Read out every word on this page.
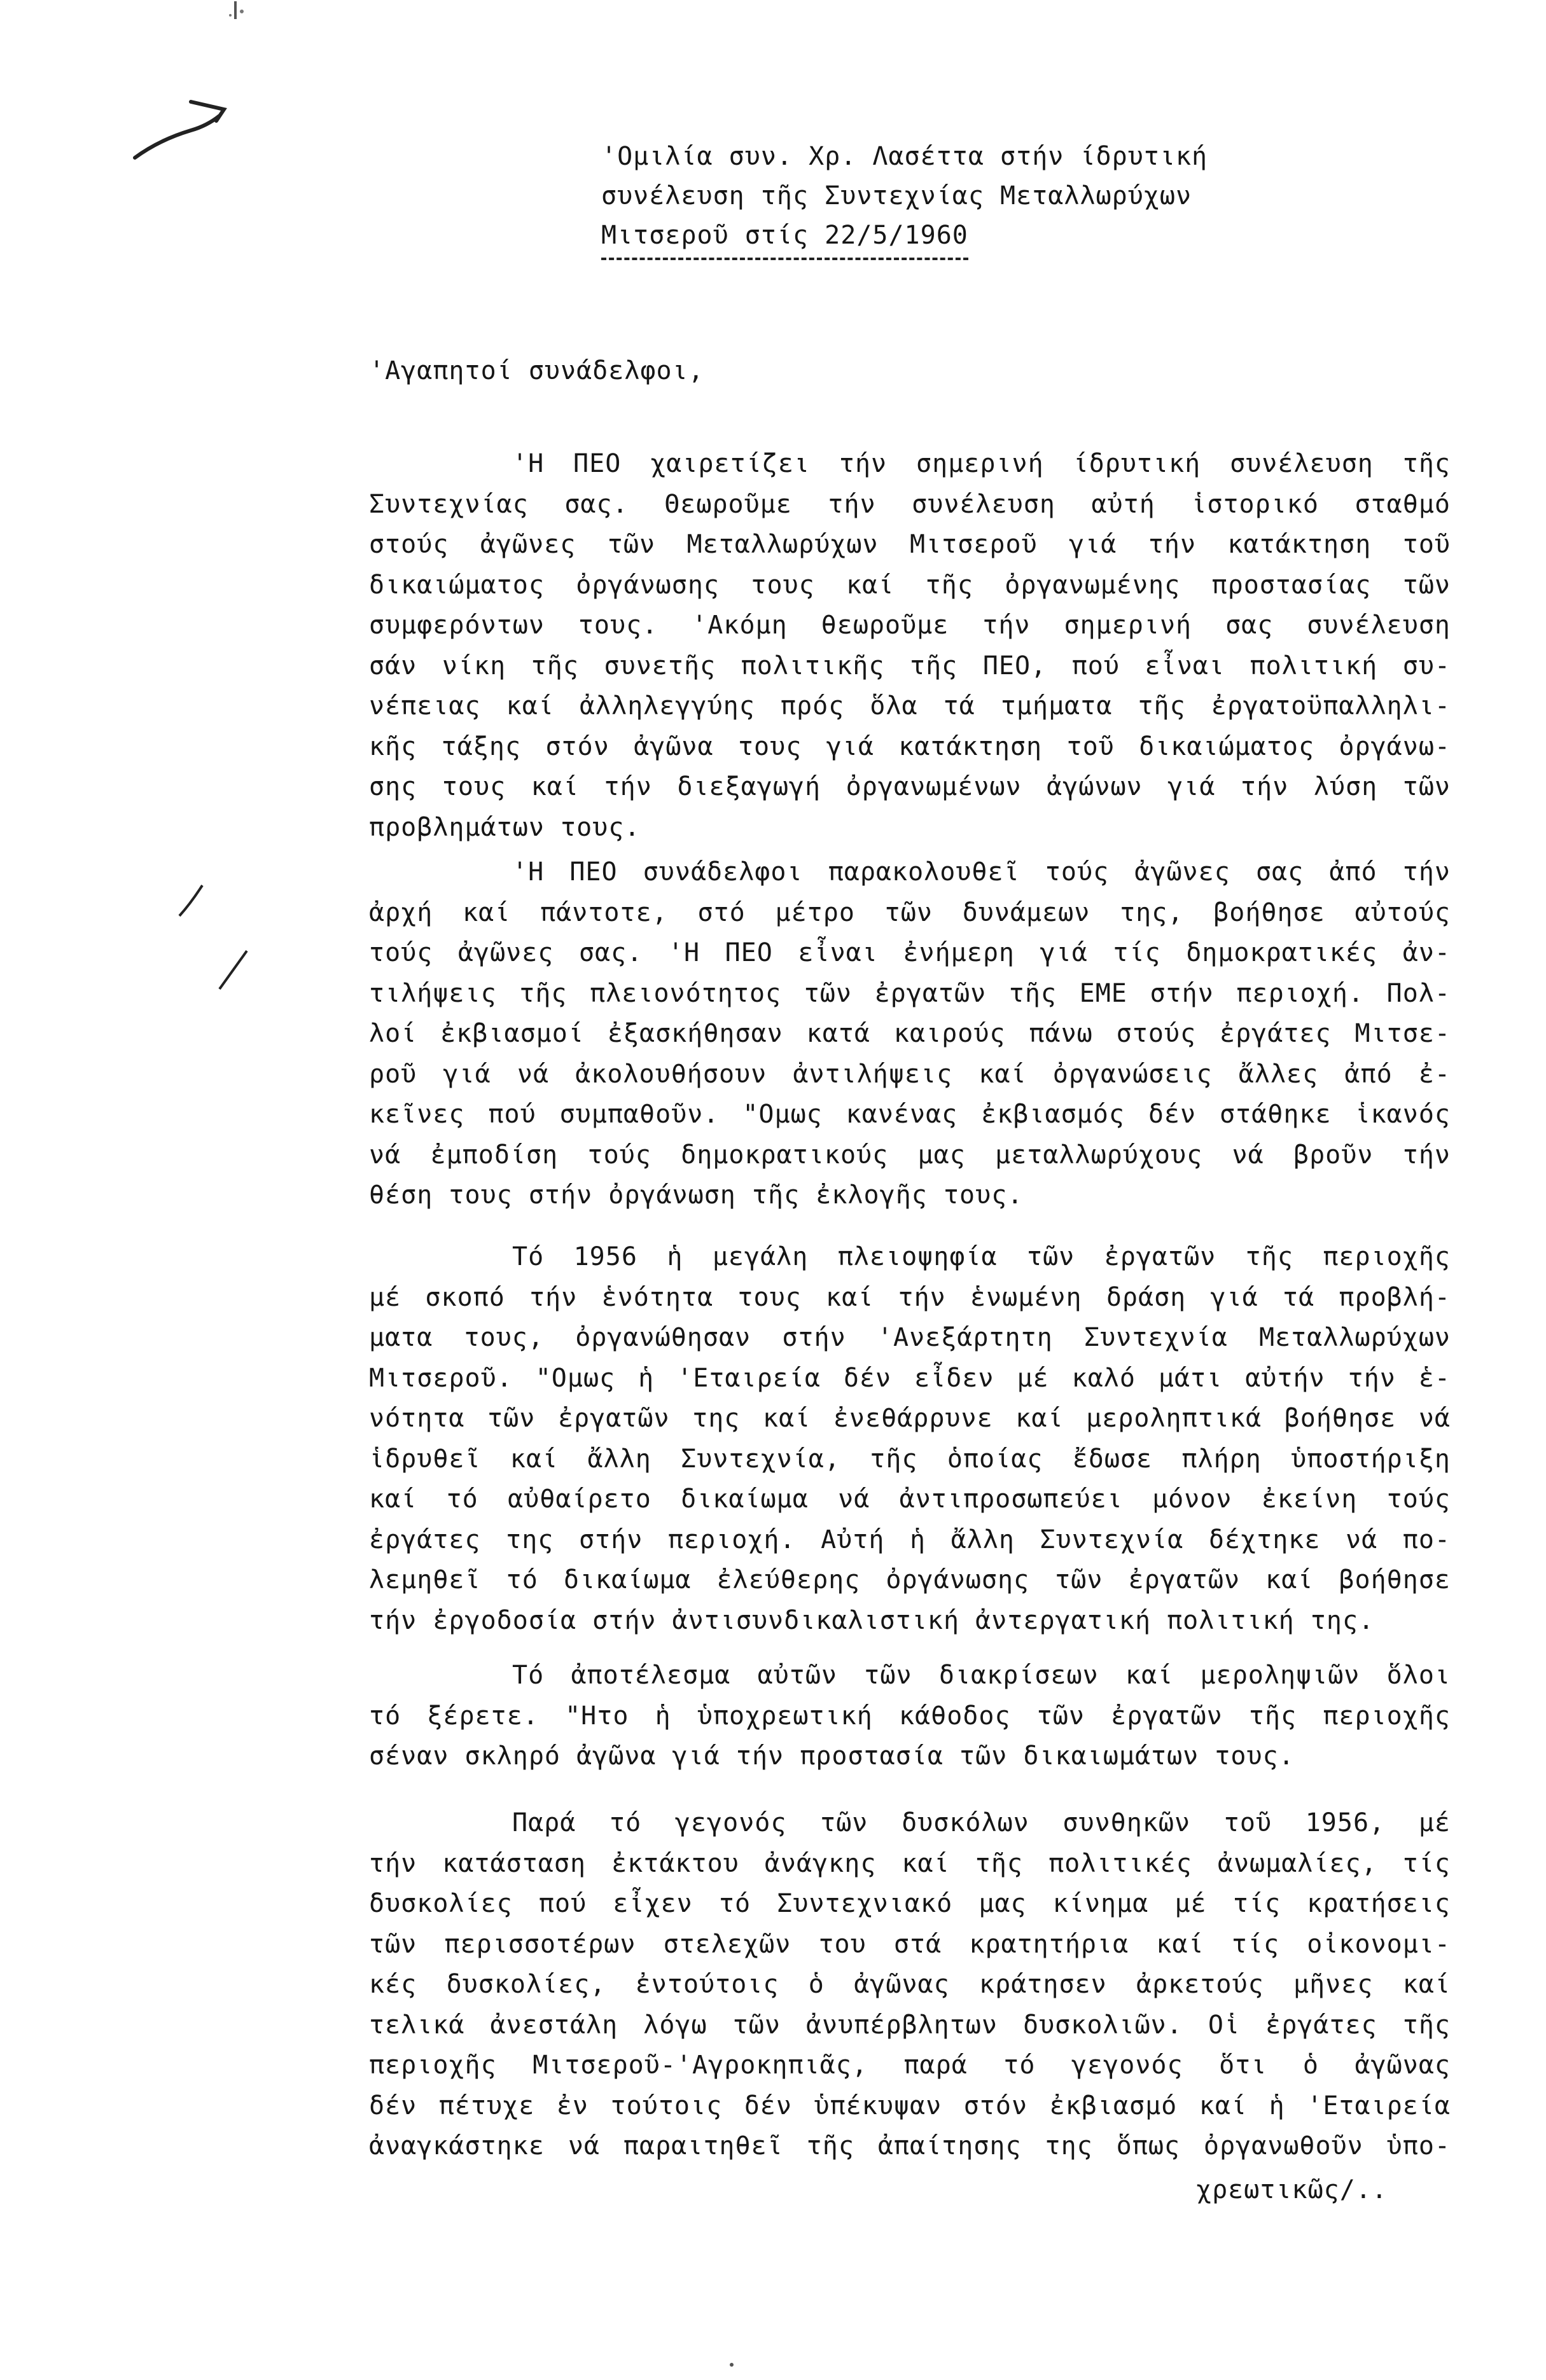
'Ομιλία συν. Χρ. Λασέττα στήν ίδρυτική
συνέλευση τῆς Συντεχνίας Μεταλλωρύχων
Μιτσεροῦ στίς 22/5/1960
'Αγαπητοί συνάδελφοι,
'Η ΠΕΟ χαιρετίζει τήν σημερινή ίδρυτική συνέλευση τῆς
Συντεχνίας σας. Θεωροῦμε τήν συνέλευση αὐτή ἱστορικό σταθμό
στούς ἀγῶνες τῶν Μεταλλωρύχων Μιτσεροῦ γιά τήν κατάκτηση τοῦ
δικαιώματος ὀργάνωσης τους καί τῆς ὀργανωμένης προστασίας τῶν
συμφερόντων τους. 'Ακόμη θεωροῦμε τήν σημερινή σας συνέλευση
σάν νίκη τῆς συνετῆς πολιτικῆς τῆς ΠΕΟ, πού εἶναι πολιτική συ-
νέπειας καί ἀλληλεγγύης πρός ὅλα τά τμήματα τῆς ἐργατοϋπαλληλι-
κῆς τάξης στόν ἀγῶνα τους γιά κατάκτηση τοῦ δικαιώματος ὀργάνω-
σης τους καί τήν διεξαγωγή ὀργανωμένων ἀγώνων γιά τήν λύση τῶν
προβλημάτων τους.
'Η ΠΕΟ συνάδελφοι παρακολουθεῖ τούς ἀγῶνες σας ἀπό τήν
ἀρχή καί πάντοτε, στό μέτρο τῶν δυνάμεων της, βοήθησε αὐτούς
τούς ἀγῶνες σας. 'Η ΠΕΟ εἶναι ἐνήμερη γιά τίς δημοκρατικές ἀν-
τιλήψεις τῆς πλειονότητος τῶν ἐργατῶν τῆς ΕΜΕ στήν περιοχή. Πολ-
λοί ἐκβιασμοί ἐξασκήθησαν κατά καιρούς πάνω στούς ἐργάτες Μιτσε-
ροῦ γιά νά ἀκολουθήσουν ἀντιλήψεις καί ὀργανώσεις ἄλλες ἀπό ἐ-
κεῖνες πού συμπαθοῦν. "Ομως κανένας ἐκβιασμός δέν στάθηκε ἱκανός
νά ἐμποδίση τούς δημοκρατικούς μας μεταλλωρύχους νά βροῦν τήν
θέση τους στήν ὀργάνωση τῆς ἐκλογῆς τους.
Τό 1956 ἡ μεγάλη πλειοψηφία τῶν ἐργατῶν τῆς περιοχῆς
μέ σκοπό τήν ἑνότητα τους καί τήν ἑνωμένη δράση γιά τά προβλή-
ματα τους, ὀργανώθησαν στήν 'Ανεξάρτητη Συντεχνία Μεταλλωρύχων
Μιτσεροῦ. "Ομως ἡ 'Εταιρεία δέν εἶδεν μέ καλό μάτι αὐτήν τήν ἑ-
νότητα τῶν ἐργατῶν της καί ἐνεθάρρυνε καί μεροληπτικά βοήθησε νά
ἱδρυθεῖ καί ἄλλη Συντεχνία, τῆς ὁποίας ἔδωσε πλήρη ὑποστήριξη
καί τό αὐθαίρετο δικαίωμα νά ἀντιπροσωπεύει μόνον ἐκείνη τούς
ἐργάτες της στήν περιοχή. Αὐτή ἡ ἄλλη Συντεχνία δέχτηκε νά πο-
λεμηθεῖ τό δικαίωμα ἐλεύθερης ὀργάνωσης τῶν ἐργατῶν καί βοήθησε
τήν ἐργοδοσία στήν ἀντισυνδικαλιστική ἀντεργατική πολιτική της.
Τό ἀποτέλεσμα αὐτῶν τῶν διακρίσεων καί μεροληψιῶν ὅλοι
τό ξέρετε. "Ητο ἡ ὑποχρεωτική κάθοδος τῶν ἐργατῶν τῆς περιοχῆς
σέναν σκληρό ἀγῶνα γιά τήν προστασία τῶν δικαιωμάτων τους.
Παρά τό γεγονός τῶν δυσκόλων συνθηκῶν τοῦ 1956, μέ
τήν κατάσταση ἐκτάκτου ἀνάγκης καί τῆς πολιτικές ἀνωμαλίες, τίς
δυσκολίες πού εἶχεν τό Συντεχνιακό μας κίνημα μέ τίς κρατήσεις
τῶν περισσοτέρων στελεχῶν του στά κρατητήρια καί τίς οἰκονομι-
κές δυσκολίες, ἐντούτοις ὁ ἀγῶνας κράτησεν ἀρκετούς μῆνες καί
τελικά ἀνεστάλη λόγω τῶν ἀνυπέρβλητων δυσκολιῶν. Οἱ ἐργάτες τῆς
περιοχῆς Μιτσεροῦ-'Αγροκηπιᾶς, παρά τό γεγονός ὅτι ὁ ἀγῶνας
δέν πέτυχε ἐν τούτοις δέν ὑπέκυψαν στόν ἐκβιασμό καί ἡ 'Εταιρεία
ἀναγκάστηκε νά παραιτηθεῖ τῆς ἀπαίτησης της ὅπως ὀργανωθοῦν ὑπο-
χρεωτικῶς/..
